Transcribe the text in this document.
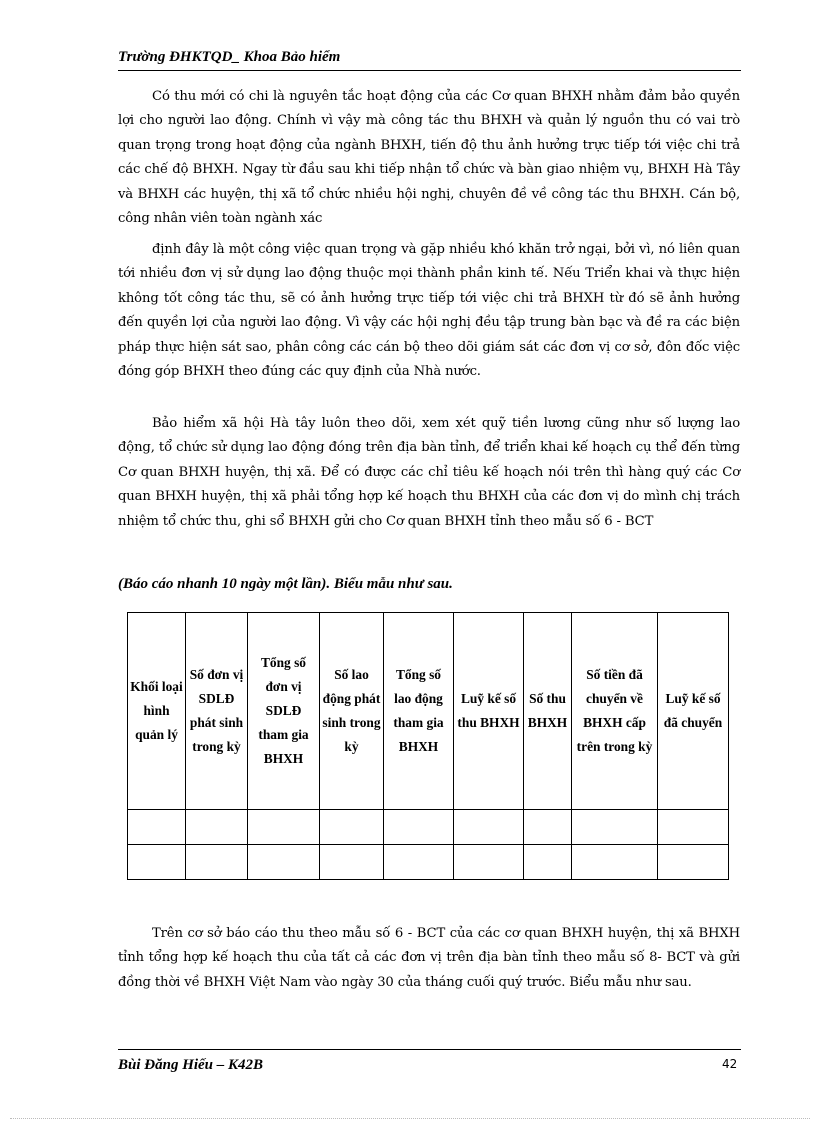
Trường ĐHKTQD_ Khoa Bảo hiểm

Có thu mới có chi là nguyên tắc hoạt động của các Cơ quan BHXH nhằm đảm bảo quyền lợi cho người lao động. Chính vì vậy mà công tác thu BHXH và quản lý nguồn thu có vai trò quan trọng trong hoạt động của ngành BHXH, tiến độ thu ảnh hưởng trực tiếp tới việc chi trả các chế độ BHXH. Ngay từ đầu sau khi tiếp nhận tổ chức và bàn giao nhiệm vụ, BHXH Hà Tây và BHXH các huyện, thị xã tổ chức nhiều hội nghị, chuyên đề về công tác thu BHXH. Cán bộ, công nhân viên toàn ngành xác

định đây là một công việc quan trọng và gặp nhiều khó khăn trở ngại, bởi vì, nó liên quan tới nhiều đơn vị sử dụng lao động thuộc mọi thành phần kinh tế. Nếu Triển khai và thực hiện không tốt công tác thu, sẽ có ảnh hưởng trực tiếp tới việc chi trả BHXH từ đó sẽ ảnh hưởng đến quyền lợi của người lao động. Vì vậy các hội nghị đều tập trung bàn bạc và đề ra các biện pháp thực hiện sát sao, phân công các cán bộ theo dõi giám sát các đơn vị cơ sở, đôn đốc việc đóng góp BHXH theo đúng các quy định của Nhà nước.

Bảo hiểm xã hội Hà tây luôn theo dõi, xem xét quỹ tiền lương cũng như số lượng lao động, tổ chức sử dụng lao động đóng trên địa bàn tỉnh, để triển khai kế hoạch cụ thể đến từng Cơ quan BHXH huyện, thị xã. Để có được các chỉ tiêu kế hoạch nói trên thì hàng quý các Cơ quan BHXH huyện, thị xã phải tổng hợp kế hoạch thu BHXH của các đơn vị do mình chị trách nhiệm tổ chức thu, ghi sổ BHXH gửi cho Cơ quan BHXH tỉnh theo mẫu số 6 - BCT

(Báo cáo nhanh 10 ngày một lần). Biểu mẫu như sau.
Khối loại hình quản lý	Số đơn vị SDLĐ phát sinh trong kỳ	Tổng số đơn vị SDLĐ tham gia BHXH	Số lao động phát sinh trong kỳ	Tổng số lao động tham gia BHXH	Luỹ kế số thu BHXH	Số thu BHXH	Số tiền đã chuyển về BHXH cấp trên trong kỳ	Luỹ kế số đã chuyển

Trên cơ sở báo cáo thu theo mẫu số 6 - BCT của các cơ quan BHXH huyện, thị xã BHXH tỉnh tổng hợp kế hoạch thu của tất cả các đơn vị trên địa bàn tỉnh theo mẫu số 8- BCT và gửi đồng thời về BHXH Việt Nam vào ngày 30 của tháng cuối quý trước. Biểu mẫu như sau.

Bùi Đăng Hiếu – K42B	42
